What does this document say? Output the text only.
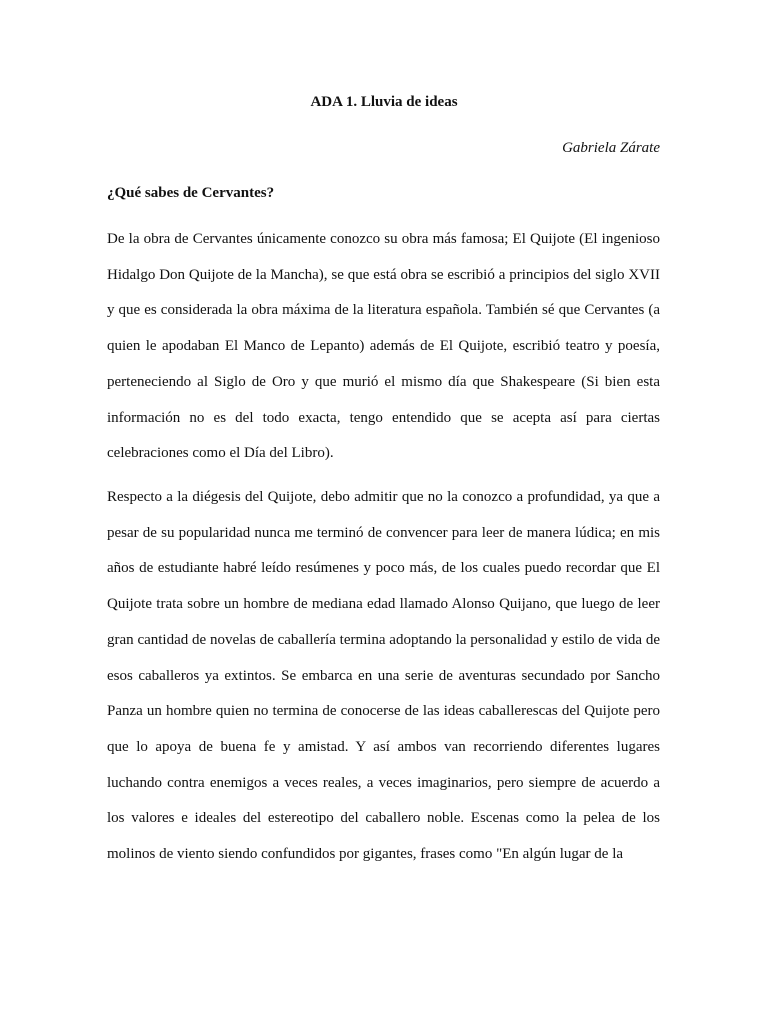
ADA 1. Lluvia de ideas

Gabriela Zárate

¿Qué sabes de Cervantes?

De la obra de Cervantes únicamente conozco su obra más famosa; El Quijote (El ingenioso Hidalgo Don Quijote de la Mancha), se que está obra se escribió a principios del siglo XVII y que es considerada la obra máxima de la literatura española. También sé que Cervantes (a quien le apodaban El Manco de Lepanto) además de El Quijote, escribió teatro y poesía, perteneciendo al Siglo de Oro y que murió el mismo día que Shakespeare (Si bien esta información no es del todo exacta, tengo entendido que se acepta así para ciertas celebraciones como el Día del Libro).

Respecto a la diégesis del Quijote, debo admitir que no la conozco a profundidad, ya que a pesar de su popularidad nunca me terminó de convencer para leer de manera lúdica; en mis años de estudiante habré leído resúmenes y poco más, de los cuales puedo recordar que El Quijote trata sobre un hombre de mediana edad llamado Alonso Quijano, que luego de leer gran cantidad de novelas de caballería termina adoptando la personalidad y estilo de vida de esos caballeros ya extintos. Se embarca en una serie de aventuras secundado por Sancho Panza un hombre quien no termina de conocerse de las ideas caballerescas del Quijote pero que lo apoya de buena fe y amistad. Y así ambos van recorriendo diferentes lugares luchando contra enemigos a veces reales, a veces imaginarios, pero siempre de acuerdo a los valores e ideales del estereotipo del caballero noble. Escenas como la pelea de los molinos de viento siendo confundidos por gigantes, frases como "En algún lugar de la
